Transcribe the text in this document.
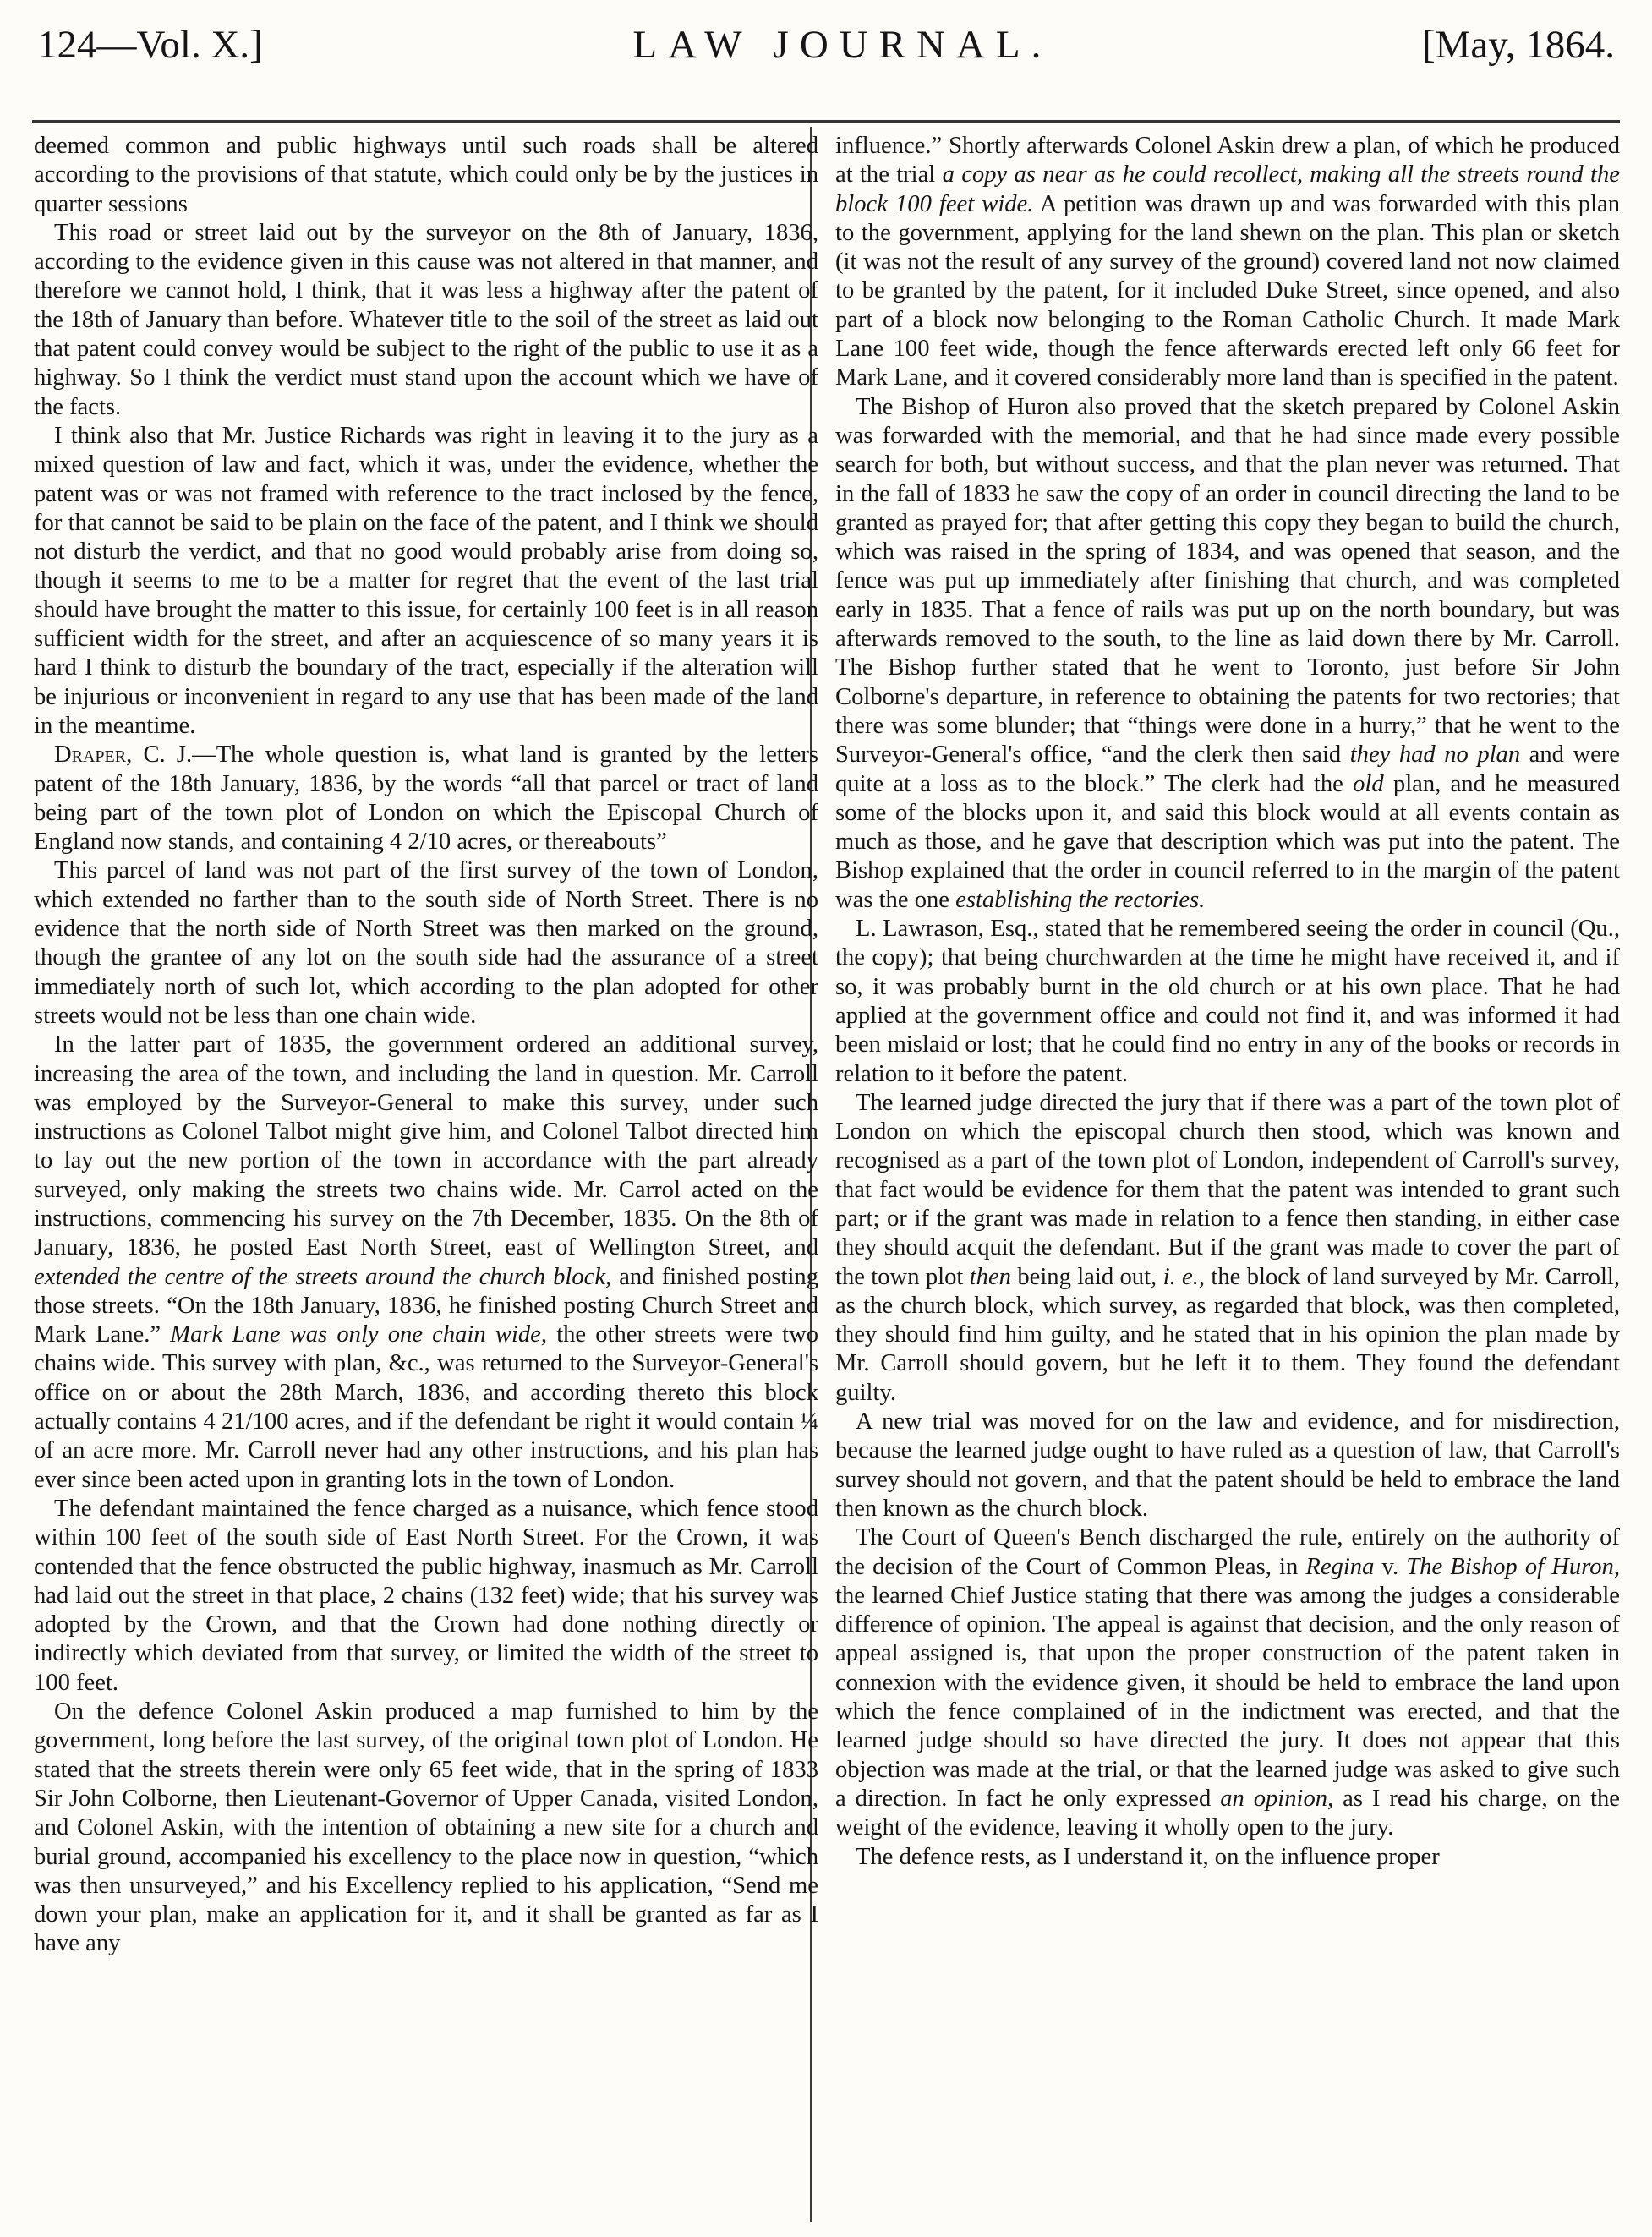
124—Vol. X.]	LAW JOURNAL.	[May, 1864.

deemed common and public highways until such roads shall be altered according to the provisions of that statute, which could only be by the justices in quarter sessions

This road or street laid out by the surveyor on the 8th of January, 1836, according to the evidence given in this cause was not altered in that manner, and therefore we cannot hold, I think, that it was less a highway after the patent of the 18th of January than before. Whatever title to the soil of the street as laid out that patent could convey would be subject to the right of the public to use it as a highway. So I think the verdict must stand upon the account which we have of the facts.

I think also that Mr. Justice Richards was right in leaving it to the jury as a mixed question of law and fact, which it was, under the evidence, whether the patent was or was not framed with reference to the tract inclosed by the fence, for that cannot be said to be plain on the face of the patent, and I think we should not disturb the verdict, and that no good would probably arise from doing so, though it seems to me to be a matter for regret that the event of the last trial should have brought the matter to this issue, for certainly 100 feet is in all reason sufficient width for the street, and after an acquiescence of so many years it is hard I think to disturb the boundary of the tract, especially if the alteration will be injurious or inconvenient in regard to any use that has been made of the land in the meantime.

Draper, C. J.—The whole question is, what land is granted by the letters patent of the 18th January, 1836, by the words “all that parcel or tract of land being part of the town plot of London on which the Episcopal Church of England now stands, and containing 4 2/10 acres, or thereabouts”

This parcel of land was not part of the first survey of the town of London, which extended no farther than to the south side of North Street. There is no evidence that the north side of North Street was then marked on the ground, though the grantee of any lot on the south side had the assurance of a street immediately north of such lot, which according to the plan adopted for other streets would not be less than one chain wide.

In the latter part of 1835, the government ordered an additional survey, increasing the area of the town, and including the land in question. Mr. Carroll was employed by the Surveyor-General to make this survey, under such instructions as Colonel Talbot might give him, and Colonel Talbot directed him to lay out the new portion of the town in accordance with the part already surveyed, only making the streets two chains wide. Mr. Carrol acted on the instructions, commencing his survey on the 7th December, 1835. On the 8th of January, 1836, he posted East North Street, east of Wellington Street, and extended the centre of the streets around the church block, and finished posting those streets. “On the 18th January, 1836, he finished posting Church Street and Mark Lane.” Mark Lane was only one chain wide, the other streets were two chains wide. This survey with plan, &c., was returned to the Surveyor-General's office on or about the 28th March, 1836, and according thereto this block actually contains 4 21/100 acres, and if the defendant be right it would contain ¼ of an acre more. Mr. Carroll never had any other instructions, and his plan has ever since been acted upon in granting lots in the town of London.

The defendant maintained the fence charged as a nuisance, which fence stood within 100 feet of the south side of East North Street. For the Crown, it was contended that the fence obstructed the public highway, inasmuch as Mr. Carroll had laid out the street in that place, 2 chains (132 feet) wide; that his survey was adopted by the Crown, and that the Crown had done nothing directly or indirectly which deviated from that survey, or limited the width of the street to 100 feet.

On the defence Colonel Askin produced a map furnished to him by the government, long before the last survey, of the original town plot of London. He stated that the streets therein were only 65 feet wide, that in the spring of 1833 Sir John Colborne, then Lieutenant-Governor of Upper Canada, visited London, and Colonel Askin, with the intention of obtaining a new site for a church and burial ground, accompanied his excellency to the place now in question, “which was then unsurveyed,” and his Excellency replied to his application, “Send me down your plan, make an application for it, and it shall be granted as far as I have any

influence.” Shortly afterwards Colonel Askin drew a plan, of which he produced at the trial a copy as near as he could recollect, making all the streets round the block 100 feet wide. A petition was drawn up and was forwarded with this plan to the government, applying for the land shewn on the plan. This plan or sketch (it was not the result of any survey of the ground) covered land not now claimed to be granted by the patent, for it included Duke Street, since opened, and also part of a block now belonging to the Roman Catholic Church. It made Mark Lane 100 feet wide, though the fence afterwards erected left only 66 feet for Mark Lane, and it covered considerably more land than is specified in the patent.

The Bishop of Huron also proved that the sketch prepared by Colonel Askin was forwarded with the memorial, and that he had since made every possible search for both, but without success, and that the plan never was returned. That in the fall of 1833 he saw the copy of an order in council directing the land to be granted as prayed for; that after getting this copy they began to build the church, which was raised in the spring of 1834, and was opened that season, and the fence was put up immediately after finishing that church, and was completed early in 1835. That a fence of rails was put up on the north boundary, but was afterwards removed to the south, to the line as laid down there by Mr. Carroll. The Bishop further stated that he went to Toronto, just before Sir John Colborne's departure, in reference to obtaining the patents for two rectories; that there was some blunder; that “things were done in a hurry,” that he went to the Surveyor-General's office, “and the clerk then said they had no plan and were quite at a loss as to the block.” The clerk had the old plan, and he measured some of the blocks upon it, and said this block would at all events contain as much as those, and he gave that description which was put into the patent. The Bishop explained that the order in council referred to in the margin of the patent was the one establishing the rectories.

L. Lawrason, Esq., stated that he remembered seeing the order in council (Qu., the copy); that being churchwarden at the time he might have received it, and if so, it was probably burnt in the old church or at his own place. That he had applied at the government office and could not find it, and was informed it had been mislaid or lost; that he could find no entry in any of the books or records in relation to it before the patent.

The learned judge directed the jury that if there was a part of the town plot of London on which the episcopal church then stood, which was known and recognised as a part of the town plot of London, independent of Carroll's survey, that fact would be evidence for them that the patent was intended to grant such part; or if the grant was made in relation to a fence then standing, in either case they should acquit the defendant. But if the grant was made to cover the part of the town plot then being laid out, i. e., the block of land surveyed by Mr. Carroll, as the church block, which survey, as regarded that block, was then completed, they should find him guilty, and he stated that in his opinion the plan made by Mr. Carroll should govern, but he left it to them. They found the defendant guilty.

A new trial was moved for on the law and evidence, and for misdirection, because the learned judge ought to have ruled as a question of law, that Carroll's survey should not govern, and that the patent should be held to embrace the land then known as the church block.

The Court of Queen's Bench discharged the rule, entirely on the authority of the decision of the Court of Common Pleas, in Regina v. The Bishop of Huron, the learned Chief Justice stating that there was among the judges a considerable difference of opinion. The appeal is against that decision, and the only reason of appeal assigned is, that upon the proper construction of the patent taken in connexion with the evidence given, it should be held to embrace the land upon which the fence complained of in the indictment was erected, and that the learned judge should so have directed the jury. It does not appear that this objection was made at the trial, or that the learned judge was asked to give such a direction. In fact he only expressed an opinion, as I read his charge, on the weight of the evidence, leaving it wholly open to the jury.

The defence rests, as I understand it, on the influence proper
